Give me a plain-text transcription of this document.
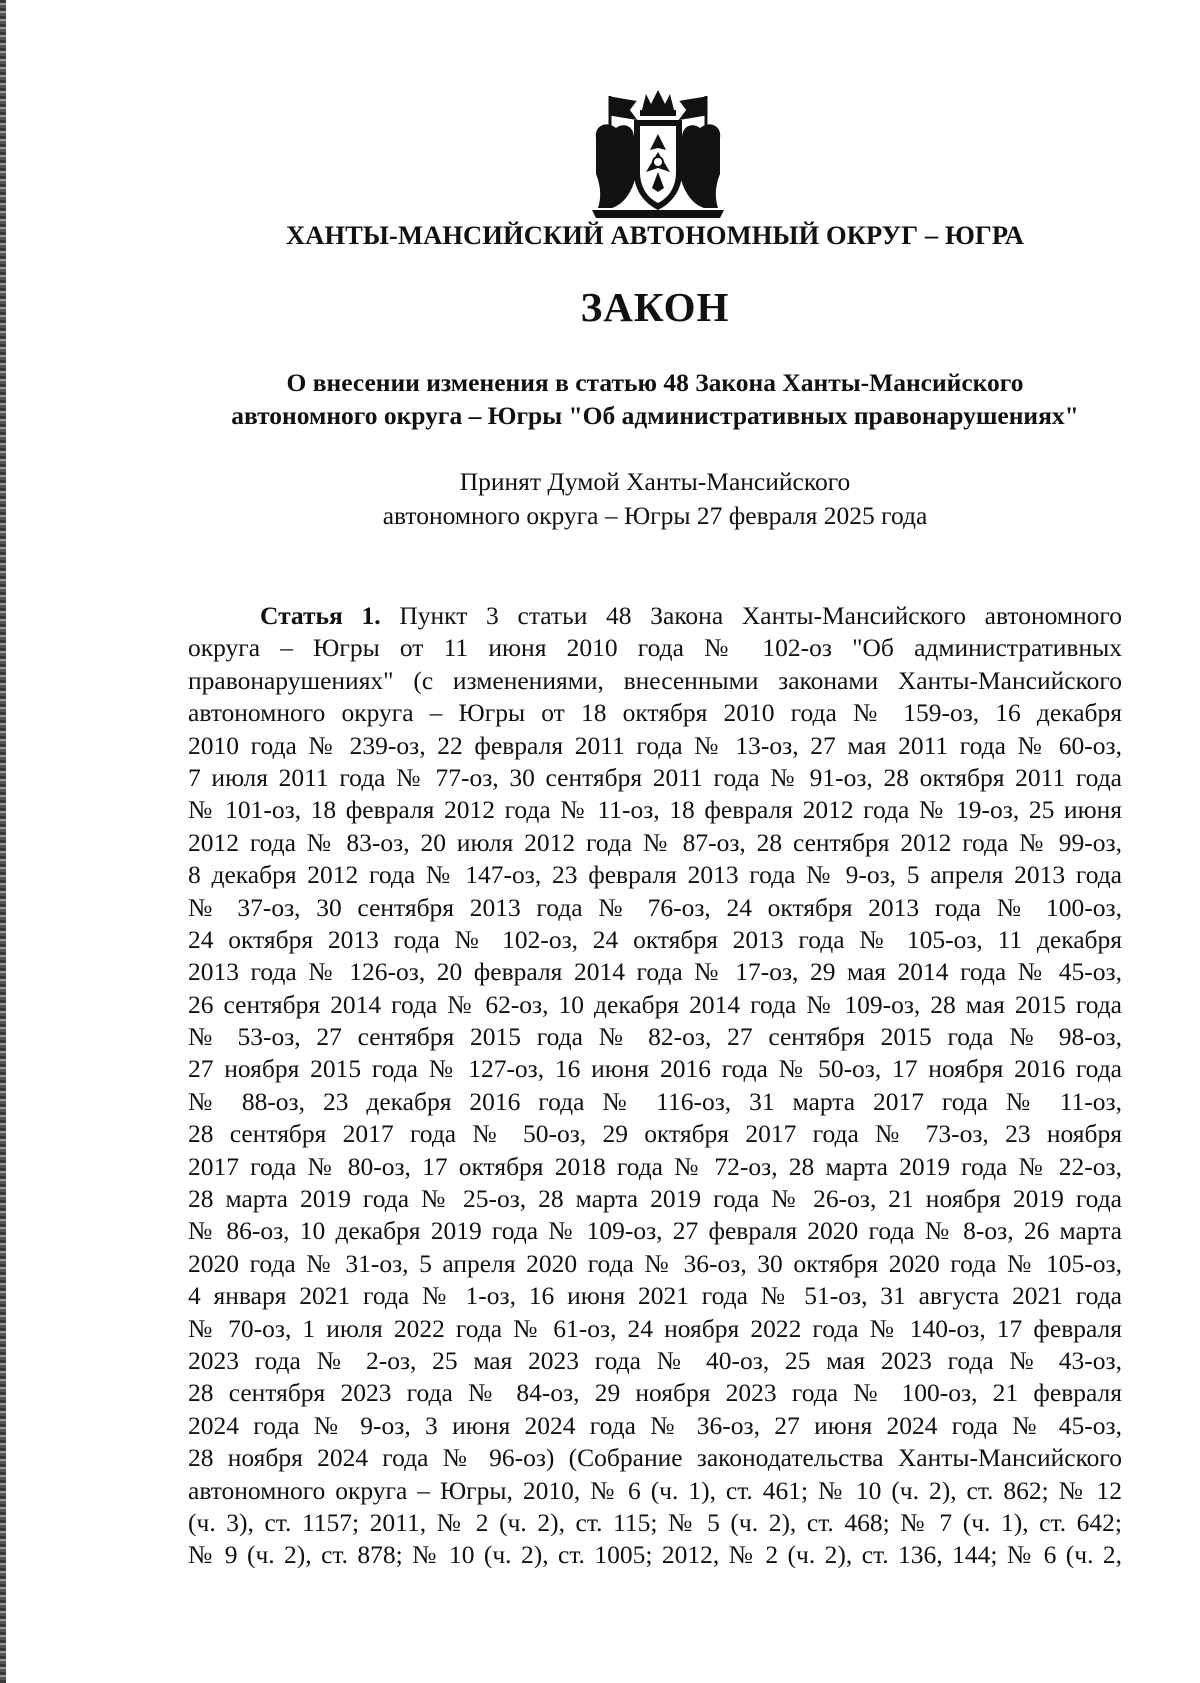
ХАНТЫ-МАНСИЙСКИЙ АВТОНОМНЫЙ ОКРУГ – ЮГРА
ЗАКОН
О внесении изменения в статью 48 Закона Ханты-Мансийского
автономного округа – Югры "Об административных правонарушениях"
Принят Думой Ханты-Мансийского
автономного округа – Югры 27 февраля 2025 года
Статья 1. Пункт 3 статьи 48 Закона Ханты-Мансийского автономного
округа – Югры от 11 июня 2010 года № 102-оз "Об административных
правонарушениях" (с изменениями, внесенными законами Ханты-Мансийского
автономного округа – Югры от 18 октября 2010 года № 159-оз, 16 декабря
2010 года № 239-оз, 22 февраля 2011 года № 13-оз, 27 мая 2011 года № 60-оз,
7 июля 2011 года № 77-оз, 30 сентября 2011 года № 91-оз, 28 октября 2011 года
№ 101-оз, 18 февраля 2012 года № 11-оз, 18 февраля 2012 года № 19-оз, 25 июня
2012 года № 83-оз, 20 июля 2012 года № 87-оз, 28 сентября 2012 года № 99-оз,
8 декабря 2012 года № 147-оз, 23 февраля 2013 года № 9-оз, 5 апреля 2013 года
№ 37-оз, 30 сентября 2013 года № 76-оз, 24 октября 2013 года № 100-оз,
24 октября 2013 года № 102-оз, 24 октября 2013 года № 105-оз, 11 декабря
2013 года № 126-оз, 20 февраля 2014 года № 17-оз, 29 мая 2014 года № 45-оз,
26 сентября 2014 года № 62-оз, 10 декабря 2014 года № 109-оз, 28 мая 2015 года
№ 53-оз, 27 сентября 2015 года № 82-оз, 27 сентября 2015 года № 98-оз,
27 ноября 2015 года № 127-оз, 16 июня 2016 года № 50-оз, 17 ноября 2016 года
№ 88-оз, 23 декабря 2016 года № 116-оз, 31 марта 2017 года № 11-оз,
28 сентября 2017 года № 50-оз, 29 октября 2017 года № 73-оз, 23 ноября
2017 года № 80-оз, 17 октября 2018 года № 72-оз, 28 марта 2019 года № 22-оз,
28 марта 2019 года № 25-оз, 28 марта 2019 года № 26-оз, 21 ноября 2019 года
№ 86-оз, 10 декабря 2019 года № 109-оз, 27 февраля 2020 года № 8-оз, 26 марта
2020 года № 31-оз, 5 апреля 2020 года № 36-оз, 30 октября 2020 года № 105-оз,
4 января 2021 года № 1-оз, 16 июня 2021 года № 51-оз, 31 августа 2021 года
№ 70-оз, 1 июля 2022 года № 61-оз, 24 ноября 2022 года № 140-оз, 17 февраля
2023 года № 2-оз, 25 мая 2023 года № 40-оз, 25 мая 2023 года № 43-оз,
28 сентября 2023 года № 84-оз, 29 ноября 2023 года № 100-оз, 21 февраля
2024 года № 9-оз, 3 июня 2024 года № 36-оз, 27 июня 2024 года № 45-оз,
28 ноября 2024 года № 96-оз) (Собрание законодательства Ханты-Мансийского
автономного округа – Югры, 2010, № 6 (ч. 1), ст. 461; № 10 (ч. 2), ст. 862; № 12
(ч. 3), ст. 1157; 2011, № 2 (ч. 2), ст. 115; № 5 (ч. 2), ст. 468; № 7 (ч. 1), ст. 642;
№ 9 (ч. 2), ст. 878; № 10 (ч. 2), ст. 1005; 2012, № 2 (ч. 2), ст. 136, 144; № 6 (ч. 2,
